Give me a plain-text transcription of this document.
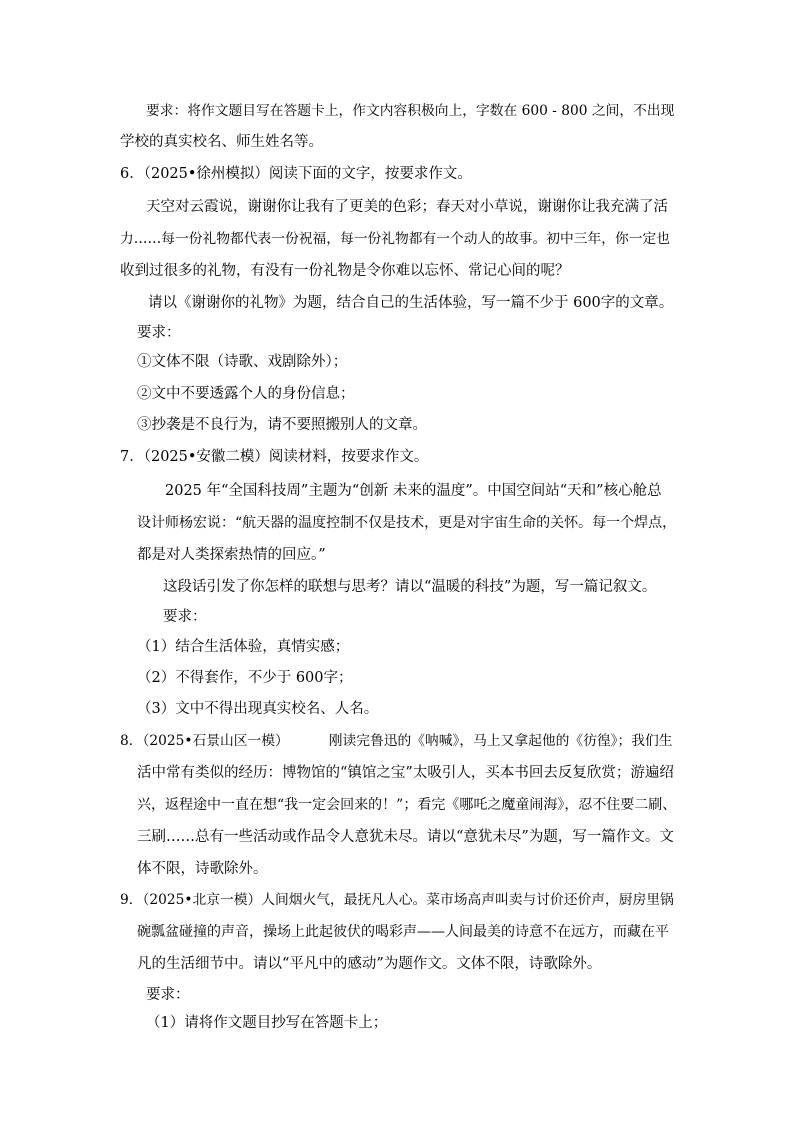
要求：将作文题目写在答题卡上，作文内容积极向上，字数在 600 - 800 之间，不出现
学校的真实校名、师生姓名等。
6．（2025•徐州模拟）阅读下面的文字，按要求作文。
天空对云霞说，谢谢你让我有了更美的色彩；春天对小草说，谢谢你让我充满了活
力……每一份礼物都代表一份祝福，每一份礼物都有一个动人的故事。初中三年，你一定也
收到过很多的礼物，有没有一份礼物是令你难以忘怀、常记心间的呢？
请以《谢谢你的礼物》为题，结合自己的生活体验，写一篇不少于 600字的文章。
要求：
①文体不限（诗歌、戏剧除外）；
②文中不要透露个人的身份信息；
③抄袭是不良行为，请不要照搬别人的文章。
7．（2025•安徽二模）阅读材料，按要求作文。
2025 年“全国科技周”主题为“创新 未来的温度”。中国空间站“天和”核心舱总
设计师杨宏说：“航天器的温度控制不仅是技术，更是对宇宙生命的关怀。每一个焊点，
都是对人类探索热情的回应。”
这段话引发了你怎样的联想与思考？请以“温暖的科技”为题，写一篇记叙文。
要求：
（1）结合生活体验，真情实感；
（2）不得套作，不少于 600字；
（3）文中不得出现真实校名、人名。
8．（2025•石景山区一模）	刚读完鲁迅的《呐喊》，马上又拿起他的《彷徨》；我们生
活中常有类似的经历：博物馆的“镇馆之宝”太吸引人，买本书回去反复欣赏；游遍绍
兴，返程途中一直在想“我一定会回来的！”；看完《哪吒之魔童闹海》，忍不住要二刷、
三刷……总有一些活动或作品令人意犹未尽。请以“意犹未尽”为题，写一篇作文。文
体不限，诗歌除外。
9．（2025•北京一模）人间烟火气，最抚凡人心。菜市场高声叫卖与讨价还价声，厨房里锅
碗瓢盆碰撞的声音，操场上此起彼伏的喝彩声——人间最美的诗意不在远方，而藏在平
凡的生活细节中。请以“平凡中的感动”为题作文。文体不限，诗歌除外。
要求：
（1）请将作文题目抄写在答题卡上；
